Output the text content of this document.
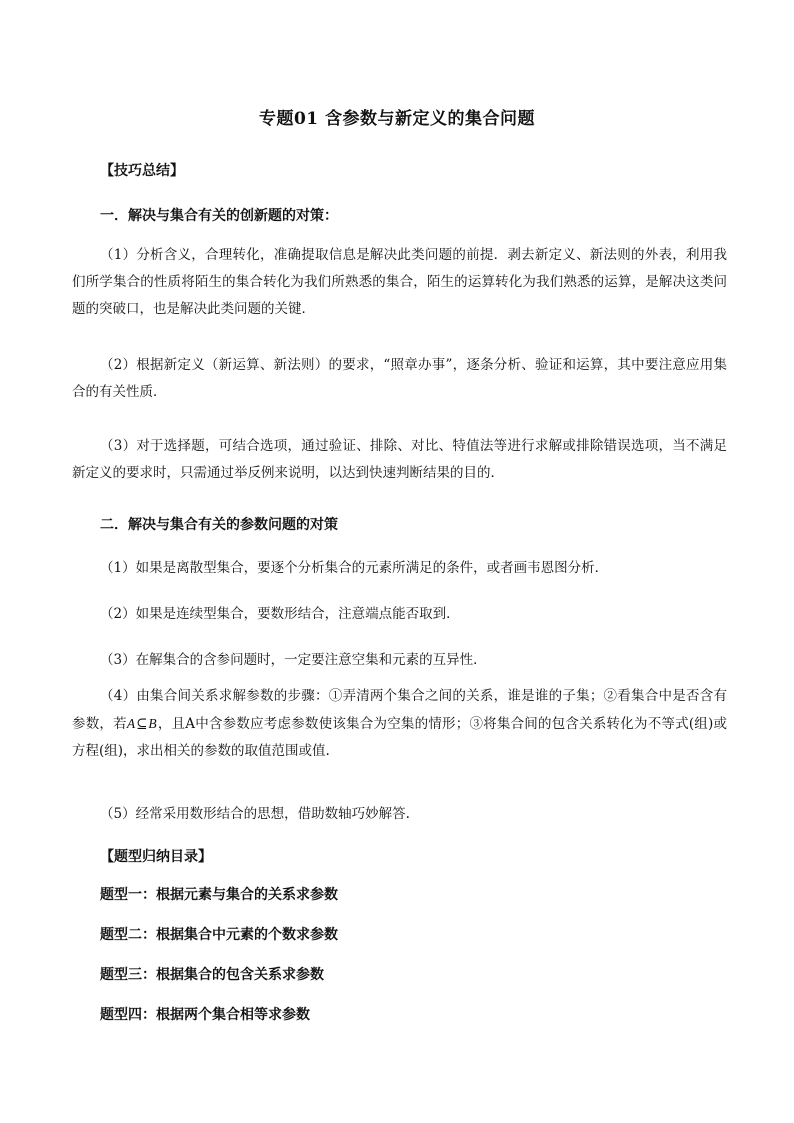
专题01 含参数与新定义的集合问题
【技巧总结】
一．解决与集合有关的创新题的对策：
（1）分析含义，合理转化，准确提取信息是解决此类问题的前提．剥去新定义、新法则的外表，利用我们所学集合的性质将陌生的集合转化为我们所熟悉的集合，陌生的运算转化为我们熟悉的运算，是解决这类问题的突破口，也是解决此类问题的关键．
（2）根据新定义（新运算、新法则）的要求，“照章办事”，逐条分析、验证和运算，其中要注意应用集合的有关性质．
（3）对于选择题，可结合选项，通过验证、排除、对比、特值法等进行求解或排除错误选项，当不满足新定义的要求时，只需通过举反例来说明，以达到快速判断结果的目的．
二．解决与集合有关的参数问题的对策
（1）如果是离散型集合，要逐个分析集合的元素所满足的条件，或者画韦恩图分析．
（2）如果是连续型集合，要数形结合，注意端点能否取到．
（3）在解集合的含参问题时，一定要注意空集和元素的互异性．
（4）由集合间关系求解参数的步骤：①弄清两个集合之间的关系，谁是谁的子集；②看集合中是否含有参数，若A⊆B，且A中含参数应考虑参数使该集合为空集的情形；③将集合间的包含关系转化为不等式(组)或方程(组)，求出相关的参数的取值范围或值.
（5）经常采用数形结合的思想，借助数轴巧妙解答.
【题型归纳目录】
题型一：根据元素与集合的关系求参数
题型二：根据集合中元素的个数求参数
题型三：根据集合的包含关系求参数
题型四：根据两个集合相等求参数
